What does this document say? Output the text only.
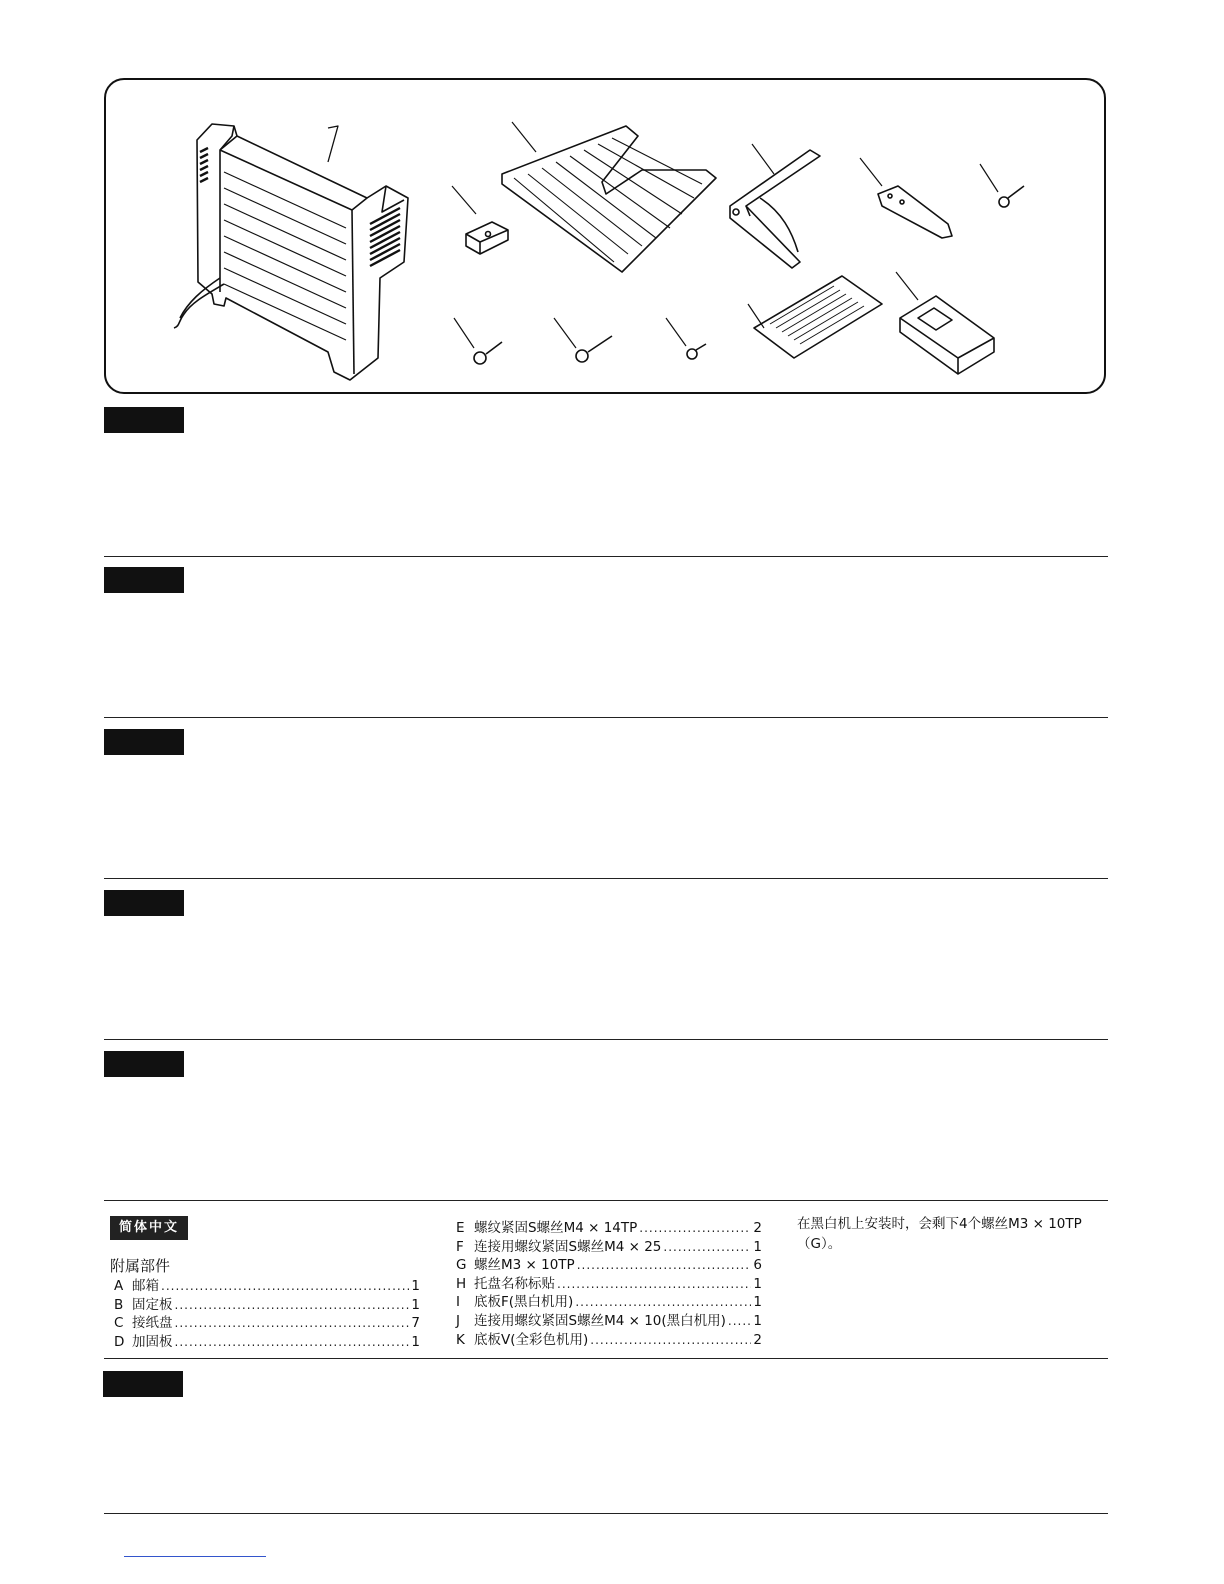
简体中文
附属部件
A 邮箱 .....	1
B 固定板 .....	1
C 接纸盘 .....	7
D 加固板 .....	1
E 螺纹紧固S螺丝M4 × 14TP .....	2
F 连接用螺纹紧固S螺丝M4 × 25 .....	1
G 螺丝M3 × 10TP .....	6
H 托盘名称标贴 .....	1
I	底板F(黑白机用) .....	1
J	连接用螺纹紧固S螺丝M4 × 10(黑白机用) ..... 1
K 底板V(全彩色机用) .....	2

在黑白机上安装时，会剩下4个螺丝M3 × 10TP（G）。
